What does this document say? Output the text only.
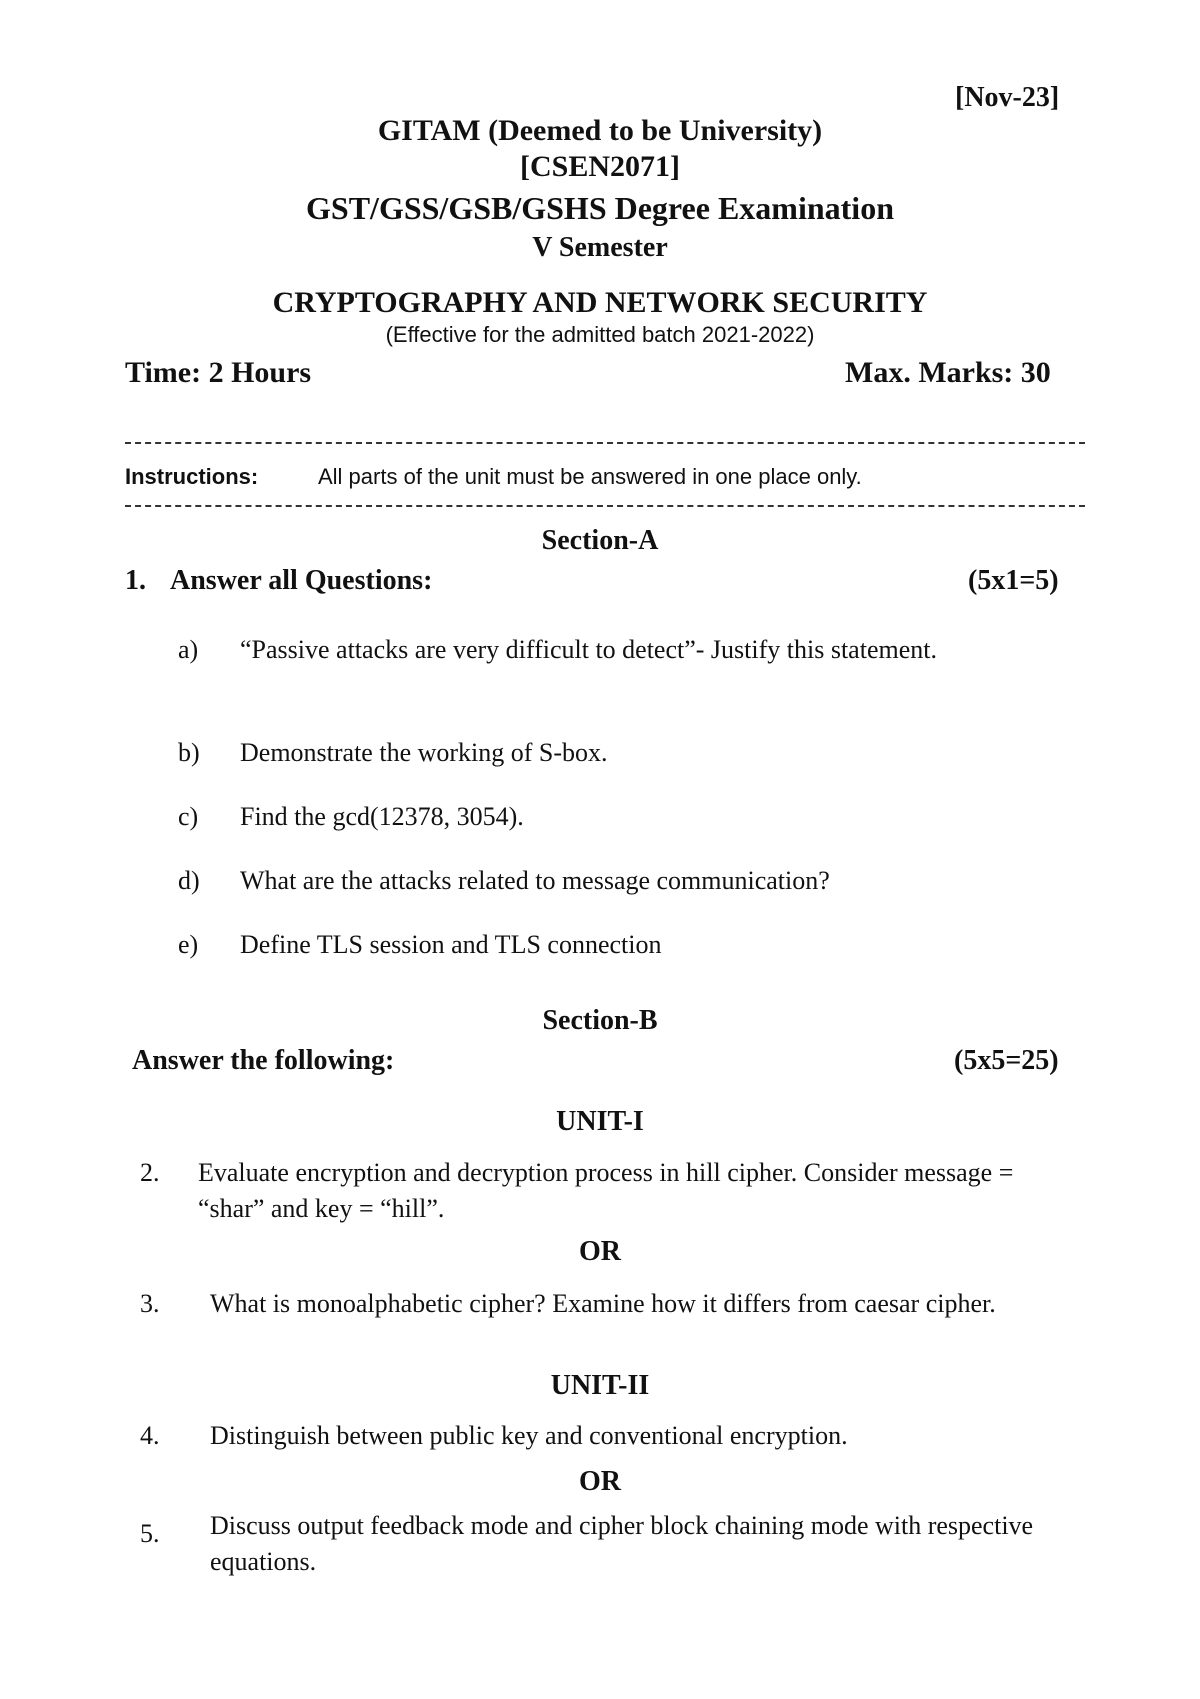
[Nov-23]
GITAM (Deemed to be University)
[CSEN2071]
GST/GSS/GSB/GSHS Degree Examination
V Semester
CRYPTOGRAPHY AND NETWORK SECURITY
(Effective for the admitted batch 2021-2022)
Time: 2 Hours	Max. Marks: 30
Instructions:	All parts of the unit must be answered in one place only.
Section-A
1. Answer all Questions:	(5x1=5)
a) “Passive attacks are very difficult to detect”- Justify this statement.
b) Demonstrate the working of S-box.
c) Find the gcd(12378, 3054).
d) What are the attacks related to message communication?
e) Define TLS session and TLS connection
Section-B
Answer the following:	(5x5=25)
UNIT-I
2. Evaluate encryption and decryption process in hill cipher. Consider message = “shar” and key = “hill”.
OR
3. What is monoalphabetic cipher? Examine how it differs from caesar cipher.
UNIT-II
4. Distinguish between public key and conventional encryption.
OR
5. Discuss output feedback mode and cipher block chaining mode with respective equations.
